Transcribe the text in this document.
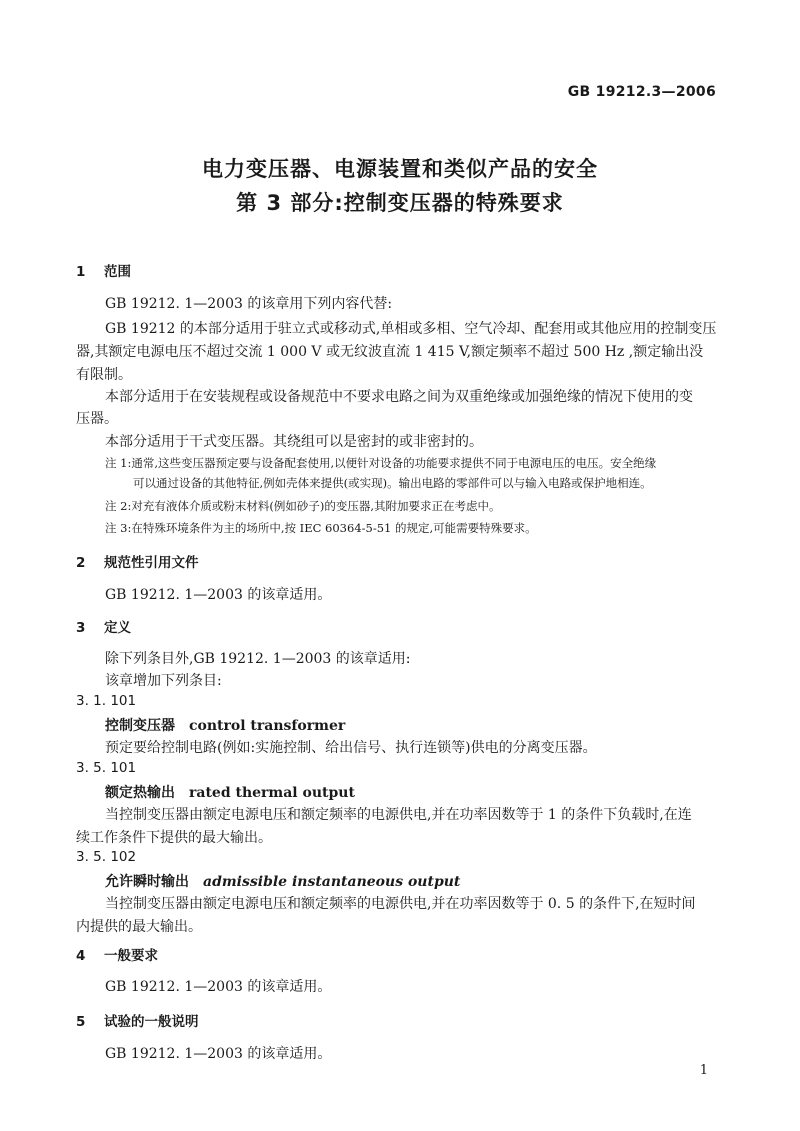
GB 19212.3—2006
电力变压器、电源装置和类似产品的安全
第 3 部分:控制变压器的特殊要求
1 范围
GB 19212. 1—2003 的该章用下列内容代替:
GB 19212 的本部分适用于驻立式或移动式,单相或多相、空气冷却、配套用或其他应用的控制变压
器,其额定电源电压不超过交流 1 000 V 或无纹波直流 1 415 V,额定频率不超过 500 Hz ,额定输出没
有限制。
本部分适用于在安装规程或设备规范中不要求电路之间为双重绝缘或加强绝缘的情况下使用的变
压器。
本部分适用于干式变压器。其绕组可以是密封的或非密封的。
注 1:通常,这些变压器预定要与设备配套使用,以便针对设备的功能要求提供不同于电源电压的电压。安全绝缘
可以通过设备的其他特征,例如壳体来提供(或实现)。输出电路的零部件可以与输入电路或保护地相连。
注 2:对充有液体介质或粉末材料(例如砂子)的变压器,其附加要求正在考虑中。
注 3:在特殊环境条件为主的场所中,按 IEC 60364-5-51 的规定,可能需要特殊要求。
2 规范性引用文件
GB 19212. 1—2003 的该章适用。
3 定义
除下列条目外,GB 19212. 1—2003 的该章适用:
该章增加下列条目:
3. 1. 101
控制变压器 control transformer
预定要给控制电路(例如:实施控制、给出信号、执行连锁等)供电的分离变压器。
3. 5. 101
额定热输出 rated thermal output
当控制变压器由额定电源电压和额定频率的电源供电,并在功率因数等于 1 的条件下负载时,在连
续工作条件下提供的最大输出。
3. 5. 102
允许瞬时输出 admissible instantaneous output
当控制变压器由额定电源电压和额定频率的电源供电,并在功率因数等于 0. 5 的条件下,在短时间
内提供的最大输出。
4 一般要求
GB 19212. 1—2003 的该章适用。
5 试验的一般说明
GB 19212. 1—2003 的该章适用。
1
